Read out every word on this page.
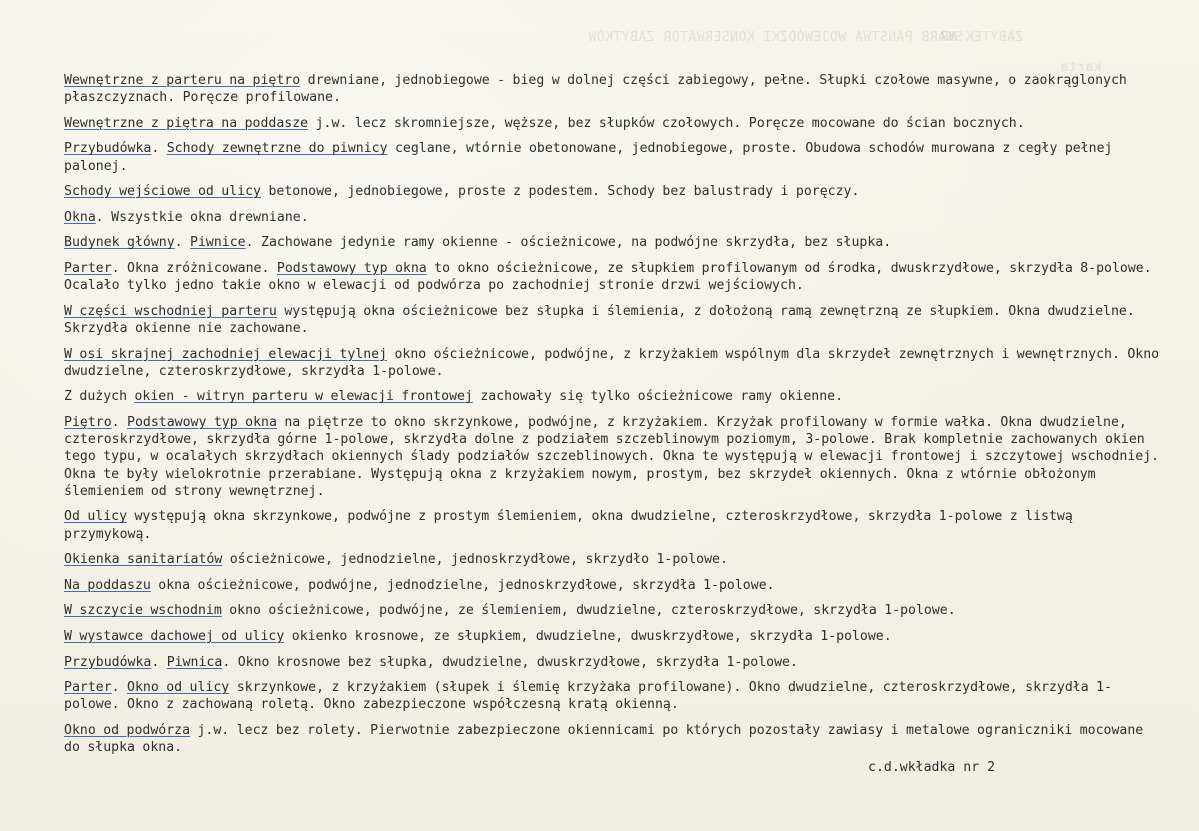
SKARB PAŃSTWA WOJEWÓDZKI KONSERWATOR ZABYTKÓW
ZABYTEK NR
karta

Wewnętrzne z parteru na piętro drewniane, jednobiegowe - bieg w dolnej części zabiegowy, pełne. Słupki czołowe masywne, o zaokrąglonych płaszczyznach. Poręcze profilowane.

Wewnętrzne z piętra na poddasze j.w. lecz skromniejsze, węższe, bez słupków czołowych. Poręcze mocowane do ścian bocznych.

Przybudówka. Schody zewnętrzne do piwnicy ceglane, wtórnie obetonowane, jednobiegowe, proste. Obudowa schodów murowana z cegły pełnej palonej.

Schody wejściowe od ulicy betonowe, jednobiegowe, proste z podestem. Schody bez balustrady i poręczy.

Okna. Wszystkie okna drewniane.

Budynek główny. Piwnice. Zachowane jedynie ramy okienne - ościeżnicowe, na podwójne skrzydła, bez słupka.

Parter. Okna zróżnicowane. Podstawowy typ okna to okno ościeżnicowe, ze słupkiem profilowanym od środka, dwuskrzydłowe, skrzydła 8-polowe. Ocalało tylko jedno takie okno w elewacji od podwórza po zachodniej stronie drzwi wejściowych.

W części wschodniej parteru występują okna ościeżnicowe bez słupka i ślemienia, z dołożoną ramą zewnętrzną ze słupkiem. Okna dwudzielne. Skrzydła okienne nie zachowane.

W osi skrajnej zachodniej elewacji tylnej okno ościeżnicowe, podwójne, z krzyżakiem wspólnym dla skrzydeł zewnętrznych i wewnętrznych. Okno dwudzielne, czteroskrzydłowe, skrzydła 1-polowe.

Z dużych okien - witryn parteru w elewacji frontowej zachowały się tylko ościeżnicowe ramy okienne.

Piętro. Podstawowy typ okna na piętrze to okno skrzynkowe, podwójne, z krzyżakiem. Krzyżak profilowany w formie wałka. Okna dwudzielne, czteroskrzydłowe, skrzydła górne 1-polowe, skrzydła dolne z podziałem szczeblinowym poziomym, 3-polowe. Brak kompletnie zachowanych okien tego typu, w ocalałych skrzydłach okiennych ślady podziałów szczeblinowych. Okna te występują w elewacji frontowej i szczytowej wschodniej. Okna te były wielokrotnie przerabiane. Występują okna z krzyżakiem nowym, prostym, bez skrzydeł okiennych. Okna z wtórnie obłożonym ślemieniem od strony wewnętrznej.

Od ulicy występują okna skrzynkowe, podwójne z prostym ślemieniem, okna dwudzielne, czteroskrzydłowe, skrzydła 1-polowe z listwą przymykową.

Okienka sanitariatów ościeżnicowe, jednodzielne, jednoskrzydłowe, skrzydło 1-polowe.

Na poddaszu okna ościeżnicowe, podwójne, jednodzielne, jednoskrzydłowe, skrzydła 1-polowe.

W szczycie wschodnim okno ościeżnicowe, podwójne, ze ślemieniem, dwudzielne, czteroskrzydłowe, skrzydła 1-polowe.

W wystawce dachowej od ulicy okienko krosnowe, ze słupkiem, dwudzielne, dwuskrzydłowe, skrzydła 1-polowe.

Przybudówka. Piwnica. Okno krosnowe bez słupka, dwudzielne, dwuskrzydłowe, skrzydła 1-polowe.

Parter. Okno od ulicy skrzynkowe, z krzyżakiem (słupek i ślemię krzyżaka profilowane). Okno dwudzielne, czteroskrzydłowe, skrzydła 1-polowe. Okno z zachowaną roletą. Okno zabezpieczone współczesną kratą okienną.

Okno od podwórza j.w. lecz bez rolety. Pierwotnie zabezpieczone okiennicami po których pozostały zawiasy i metalowe ograniczniki mocowane do słupka okna.

c.d.wkładka nr 2
